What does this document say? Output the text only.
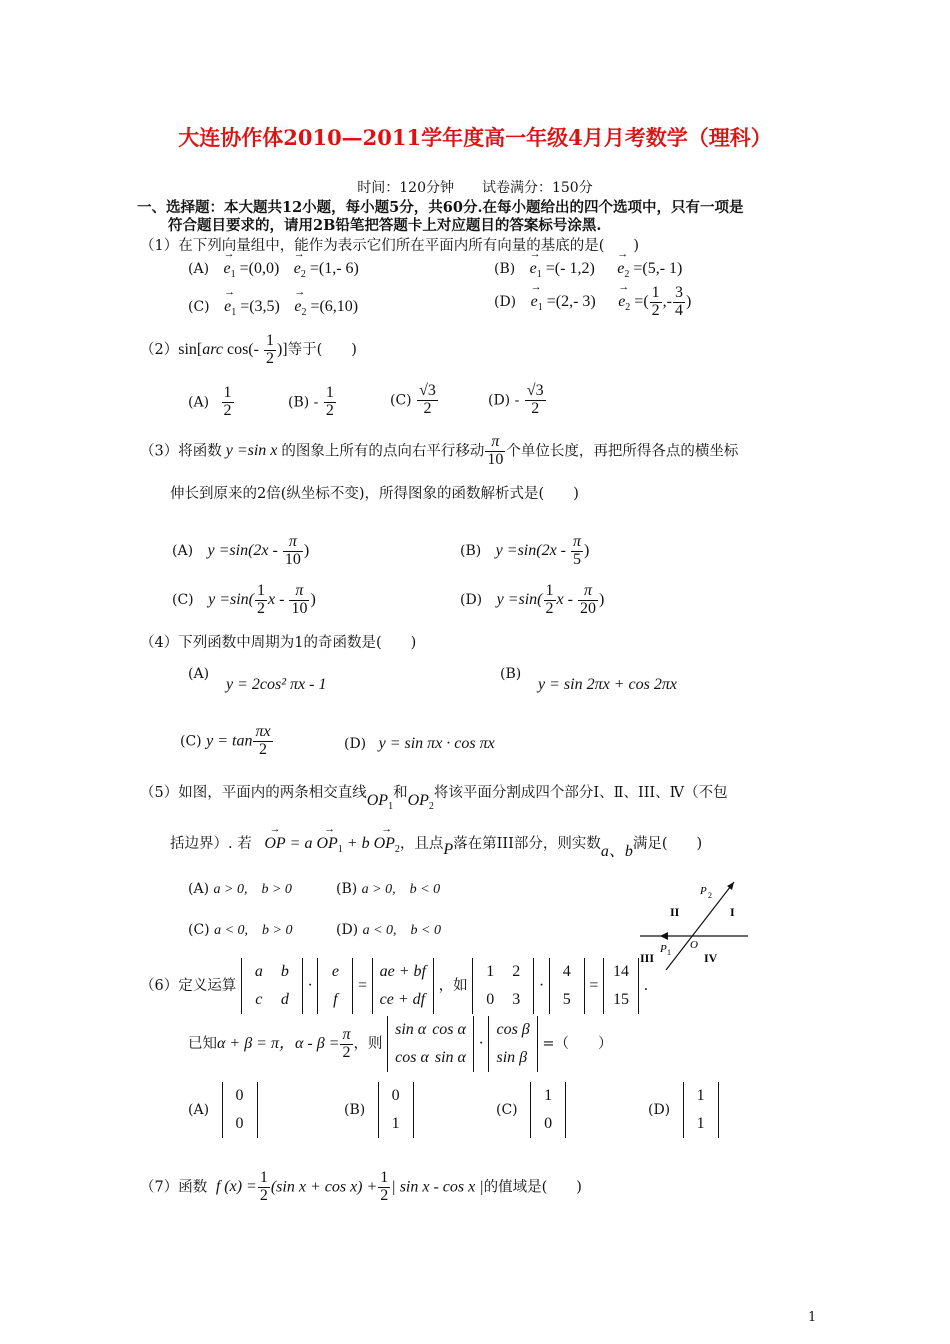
大连协作体2010—2011学年度高一年级4月月考数学（理科）
时间：120分钟　　试卷满分：150分
一、选择题：本大题共12小题，每小题5分，共60分.在每小题给出的四个选项中，只有一项是
符合题目要求的，请用2B铅笔把答题卡上对应题目的答案标号涂黑.
（1）在下列向量组中，能作为表示它们所在平面内所有向量的基底的是(　　)
$(A) \to e_1 =(0,0) \to e_2 =(1,-$ 6)	$(B) \to e_1$ =(- $1,2) \to e_2 =(5,-$ 1)
$(C) \to e_1 =(3,5) \to e_2 =(6,10)$	$(D) \to e_1 =(2,-$ $3) \to e_2$ =( $\frac{1}{2}$ ,- $\frac{3}{4}$ )
（2）sin[arc $\cos(- \frac{1}{2}$ )]等于(　　)
$(A) \frac{1}{2}$	$(B) - \frac{1}{2}$	$(C) \frac{√3}{2}$	$(D) - \frac{√3}{2}$
（3）将函数 y =sin x 的图象上所有的点向右平行移动 $\frac{\pi}{10}$ 个单位长度，再把所得各点的横坐标
伸长到原来的2倍(纵坐标不变)，所得图象的函数解析式是(　　)
(A) $y =\sin(2x - \frac{\pi}{10}$ )	(B) $y =\sin(2x - \frac{\pi}{5}$ )
(C) $y =\sin( \frac{1}{2}$ x - $\frac{\pi}{10}$ )	(D) $y =\sin( \frac{1}{2}$ x - $\frac{\pi}{20}$ )
（4）下列函数中周期为1的奇函数是(　　)
(A)
y = 2cos² πx - 1
(B)
y = sin 2πx + cos 2πx
(C) $y = \tan \frac{\pi x}{2}$	(D) y = sin πx · cos πx
（5）如图，平面内的两条相交直线$OP_1$和$OP_2$将该平面分割成四个部分Ⅰ、Ⅱ、III、Ⅳ（不包
括边界）. 若 → OP = $a \to OP_1 + b \to OP_2$，且点P落在第III部分，则实数a、b满足(　　)
(A) a > 0,　b > 0	(B) a > 0,　b < 0
(C) a < 0,　b > 0	(D) a < 0,　b < 0
II	I
III	IV
O
P 2
P 1
（6）定义运算
a b
c d
·
e
f
=
ae + bf
ce + df
，如
1 2
0 3
·
4
5
=
14
15
.
已知α + β = π，$\alpha - \beta = \frac{\pi}{2}$ ，则
sin α cos α
cos α sin α
·
cos β
sin β
=（　　）
(A)
0
0
(B)
0
1
(C)
1
0
(D)
1
1
（7）函数 f $(x) = \frac{1}{2} (\sin$ $x + \cos x) + \frac{1}{2}$ | sin x - cos x |的值域是(　　)
1
